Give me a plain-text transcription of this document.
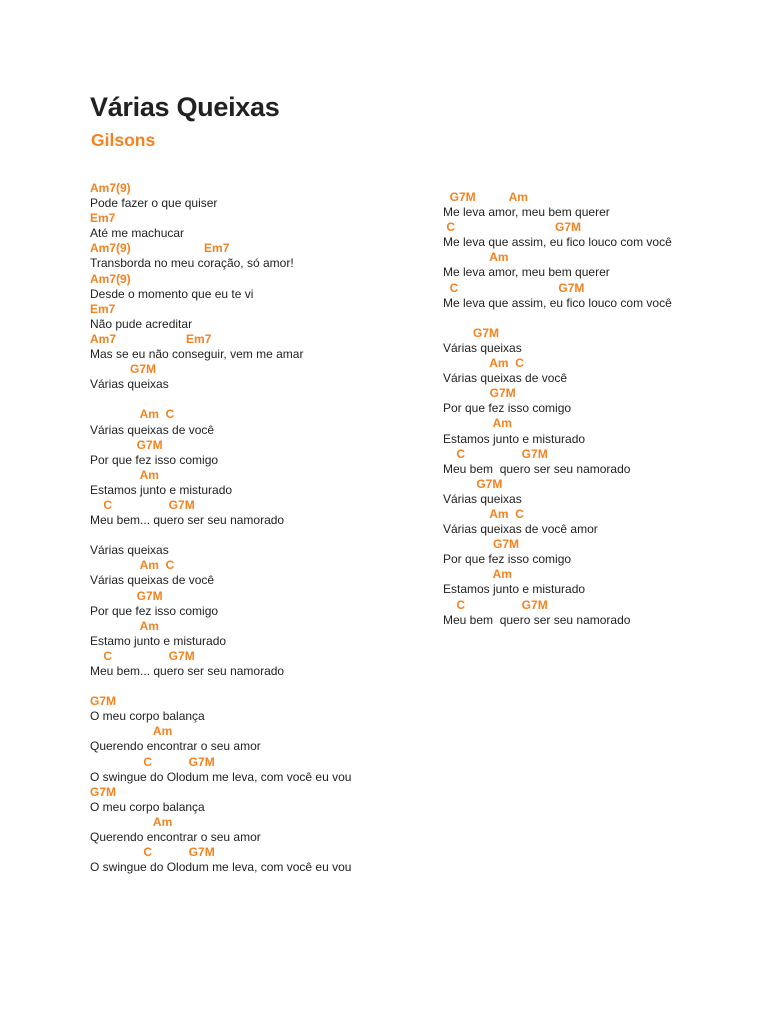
Várias Queixas
Gilsons
Am7(9)
Pode fazer o que quiser
Em7
Até me machucar
Am7(9)                      Em7
Transborda no meu coração, só amor!
Am7(9)
Desde o momento que eu te vi
Em7
Não pude acreditar
Am7                     Em7
Mas se eu não conseguir, vem me amar
G7M
Várias queixas
Am  C
Várias queixas de você
G7M
Por que fez isso comigo
Am
Estamos junto e misturado
C                 G7M
Meu bem... quero ser seu namorado
Várias queixas
Am  C
Várias queixas de você
G7M
Por que fez isso comigo
Am
Estamo junto e misturado
C                 G7M
Meu bem... quero ser seu namorado
G7M
O meu corpo balança
Am
Querendo encontrar o seu amor
C           G7M
O swingue do Olodum me leva, com você eu vou
G7M
O meu corpo balança
Am
Querendo encontrar o seu amor
C           G7M
O swingue do Olodum me leva, com você eu vou
G7M          Am
Me leva amor, meu bem querer
C                              G7M
Me leva que assim, eu fico louco com você
Am
Me leva amor, meu bem querer
C                              G7M
Me leva que assim, eu fico louco com você
G7M
Várias queixas
Am  C
Várias queixas de você
G7M
Por que fez isso comigo
Am
Estamos junto e misturado
C                 G7M
Meu bem  quero ser seu namorado
G7M
Várias queixas
Am  C
Várias queixas de você amor
G7M
Por que fez isso comigo
Am
Estamos junto e misturado
C                 G7M
Meu bem  quero ser seu namorado
